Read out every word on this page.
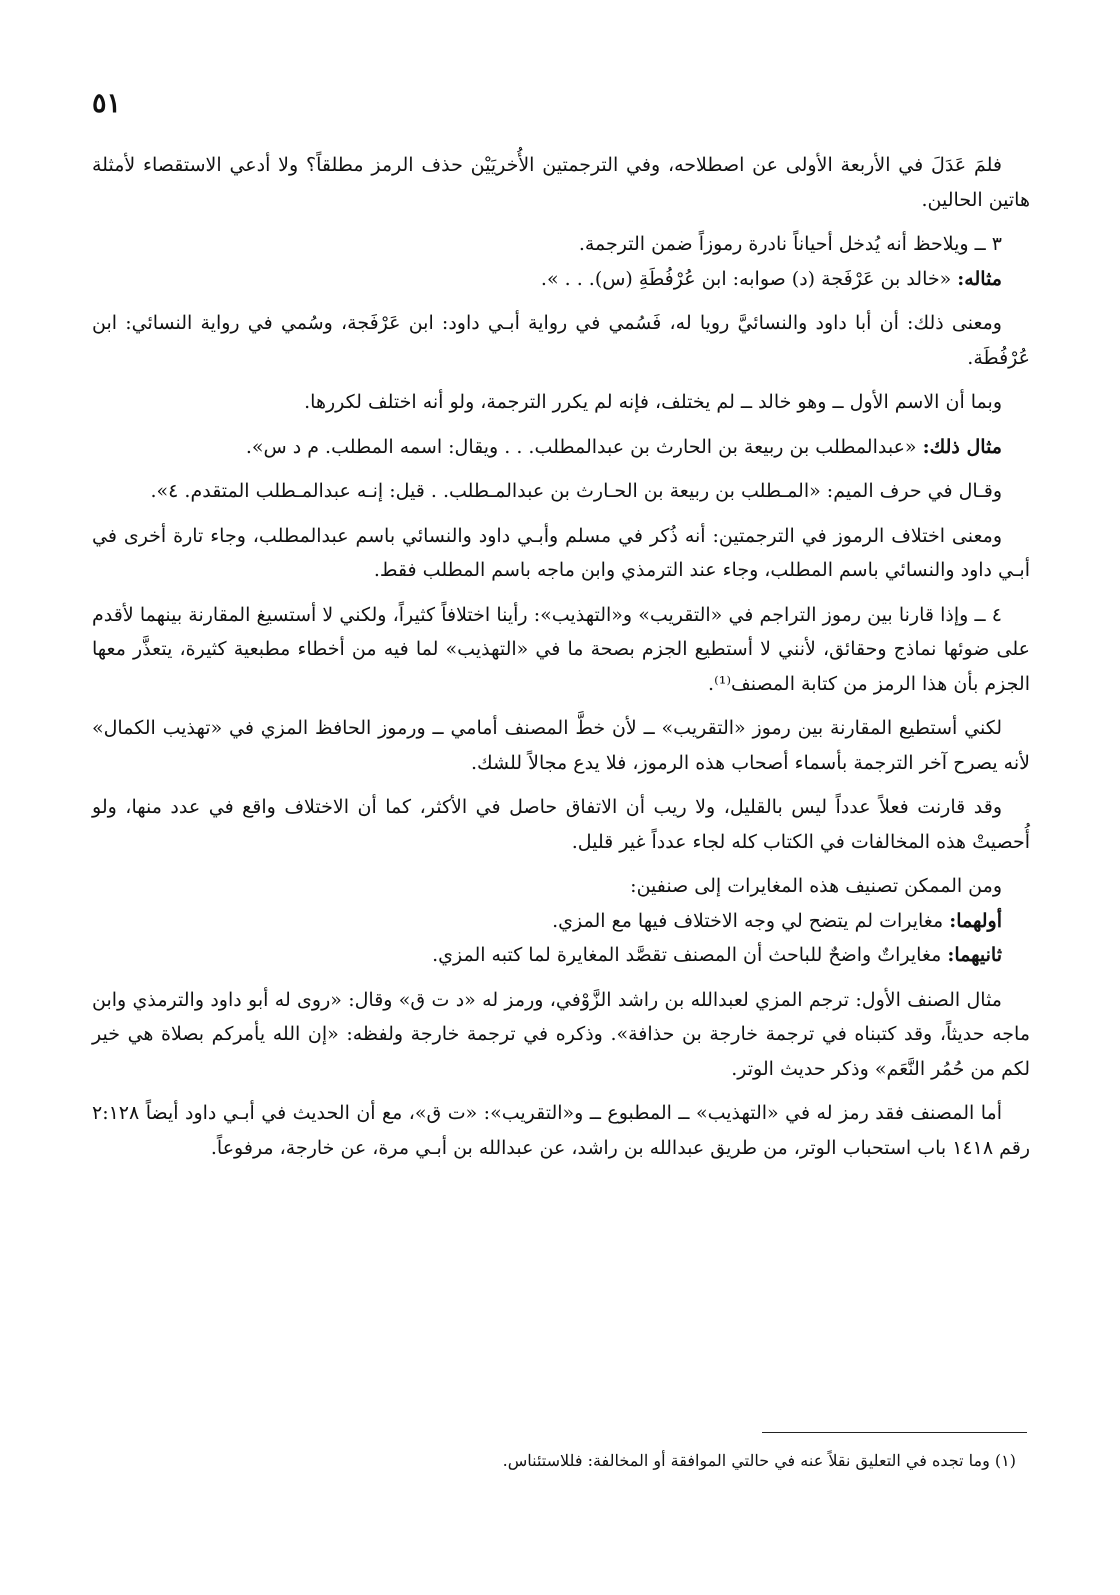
٥١

فلمَ عَدَلَ في الأربعة الأولى عن اصطلاحه، وفي الترجمتين الأُخريَيْن حذف الرمز مطلقاً؟ ولا أدعي الاستقصاء لأمثلة هاتين الحالين.

٣ ــ ويلاحظ أنه يُدخل أحياناً نادرة رموزاً ضمن الترجمة.

مثاله: «خالد بن عَرْفَجة (د) صوابه: ابن عُرْفُطَةِ (س). . . ».

ومعنى ذلك: أن أبا داود والنسائيَّ رويا له، فَسُمي في رواية أبـي داود: ابن عَرْفَجة، وسُمي في رواية النسائي: ابن عُرْفُطَة.

وبما أن الاسم الأول ــ وهو خالد ــ لم يختلف، فإنه لم يكرر الترجمة، ولو أنه اختلف لكررها.

مثال ذلك: «عبدالمطلب بن ربيعة بن الحارث بن عبدالمطلب. . . ويقال: اسمه المطلب. م د س».

وقـال في حرف الميم: «المـطلب بن ربيعة بن الحـارث بن عبدالمـطلب. . قيل: إنـه عبدالمـطلب المتقدم. ٤».

ومعنى اختلاف الرموز في الترجمتين: أنه ذُكر في مسلم وأبـي داود والنسائي باسم عبدالمطلب، وجاء تارة أخرى في أبـي داود والنسائي باسم المطلب، وجاء عند الترمذي وابن ماجه باسم المطلب فقط.

٤ ــ وإذا قارنا بين رموز التراجم في «التقريب» و«التهذيب»: رأينا اختلافاً كثيراً، ولكني لا أستسيغ المقارنة بينهما لأقدم على ضوئها نماذج وحقائق، لأنني لا أستطيع الجزم بصحة ما في «التهذيب» لما فيه من أخطاء مطبعية كثيرة، يتعذَّر معها الجزم بأن هذا الرمز من كتابة المصنف⁽¹⁾.

لكني أستطيع المقارنة بين رموز «التقريب» ــ لأن خطَّ المصنف أمامي ــ ورموز الحافظ المزي في «تهذيب الكمال» لأنه يصرح آخر الترجمة بأسماء أصحاب هذه الرموز، فلا يدع مجالاً للشك.

وقد قارنت فعلاً عدداً ليس بالقليل، ولا ريب أن الاتفاق حاصل في الأكثر، كما أن الاختلاف واقع في عدد منها، ولو أُحصيتْ هذه المخالفات في الكتاب كله لجاء عدداً غير قليل.

ومن الممكن تصنيف هذه المغايرات إلى صنفين:

أولهما: مغايرات لم يتضح لي وجه الاختلاف فيها مع المزي.

ثانيهما: مغايراتٌ واضحٌ للباحث أن المصنف تقصَّد المغايرة لما كتبه المزي.

مثال الصنف الأول: ترجم المزي لعبدالله بن راشد الزَّوْفي، ورمز له «د ت ق» وقال: «روى له أبو داود والترمذي وابن ماجه حديثاً، وقد كتبناه في ترجمة خارجة بن حذافة». وذكره في ترجمة خارجة ولفظه: «إن الله يأمركم بصلاة هي خير لكم من حُمُر النَّعَم» وذكر حديث الوتر.

أما المصنف فقد رمز له في «التهذيب» ــ المطبوع ــ و«التقريب»: «ت ق»، مع أن الحديث في أبـي داود أيضاً ٢:١٢٨ رقم ١٤١٨ باب استحباب الوتر، من طريق عبدالله بن راشد، عن عبدالله بن أبـي مرة، عن خارجة، مرفوعاً.

(١) وما تجده في التعليق نقلاً عنه في حالتي الموافقة أو المخالفة: فللاستئناس.
